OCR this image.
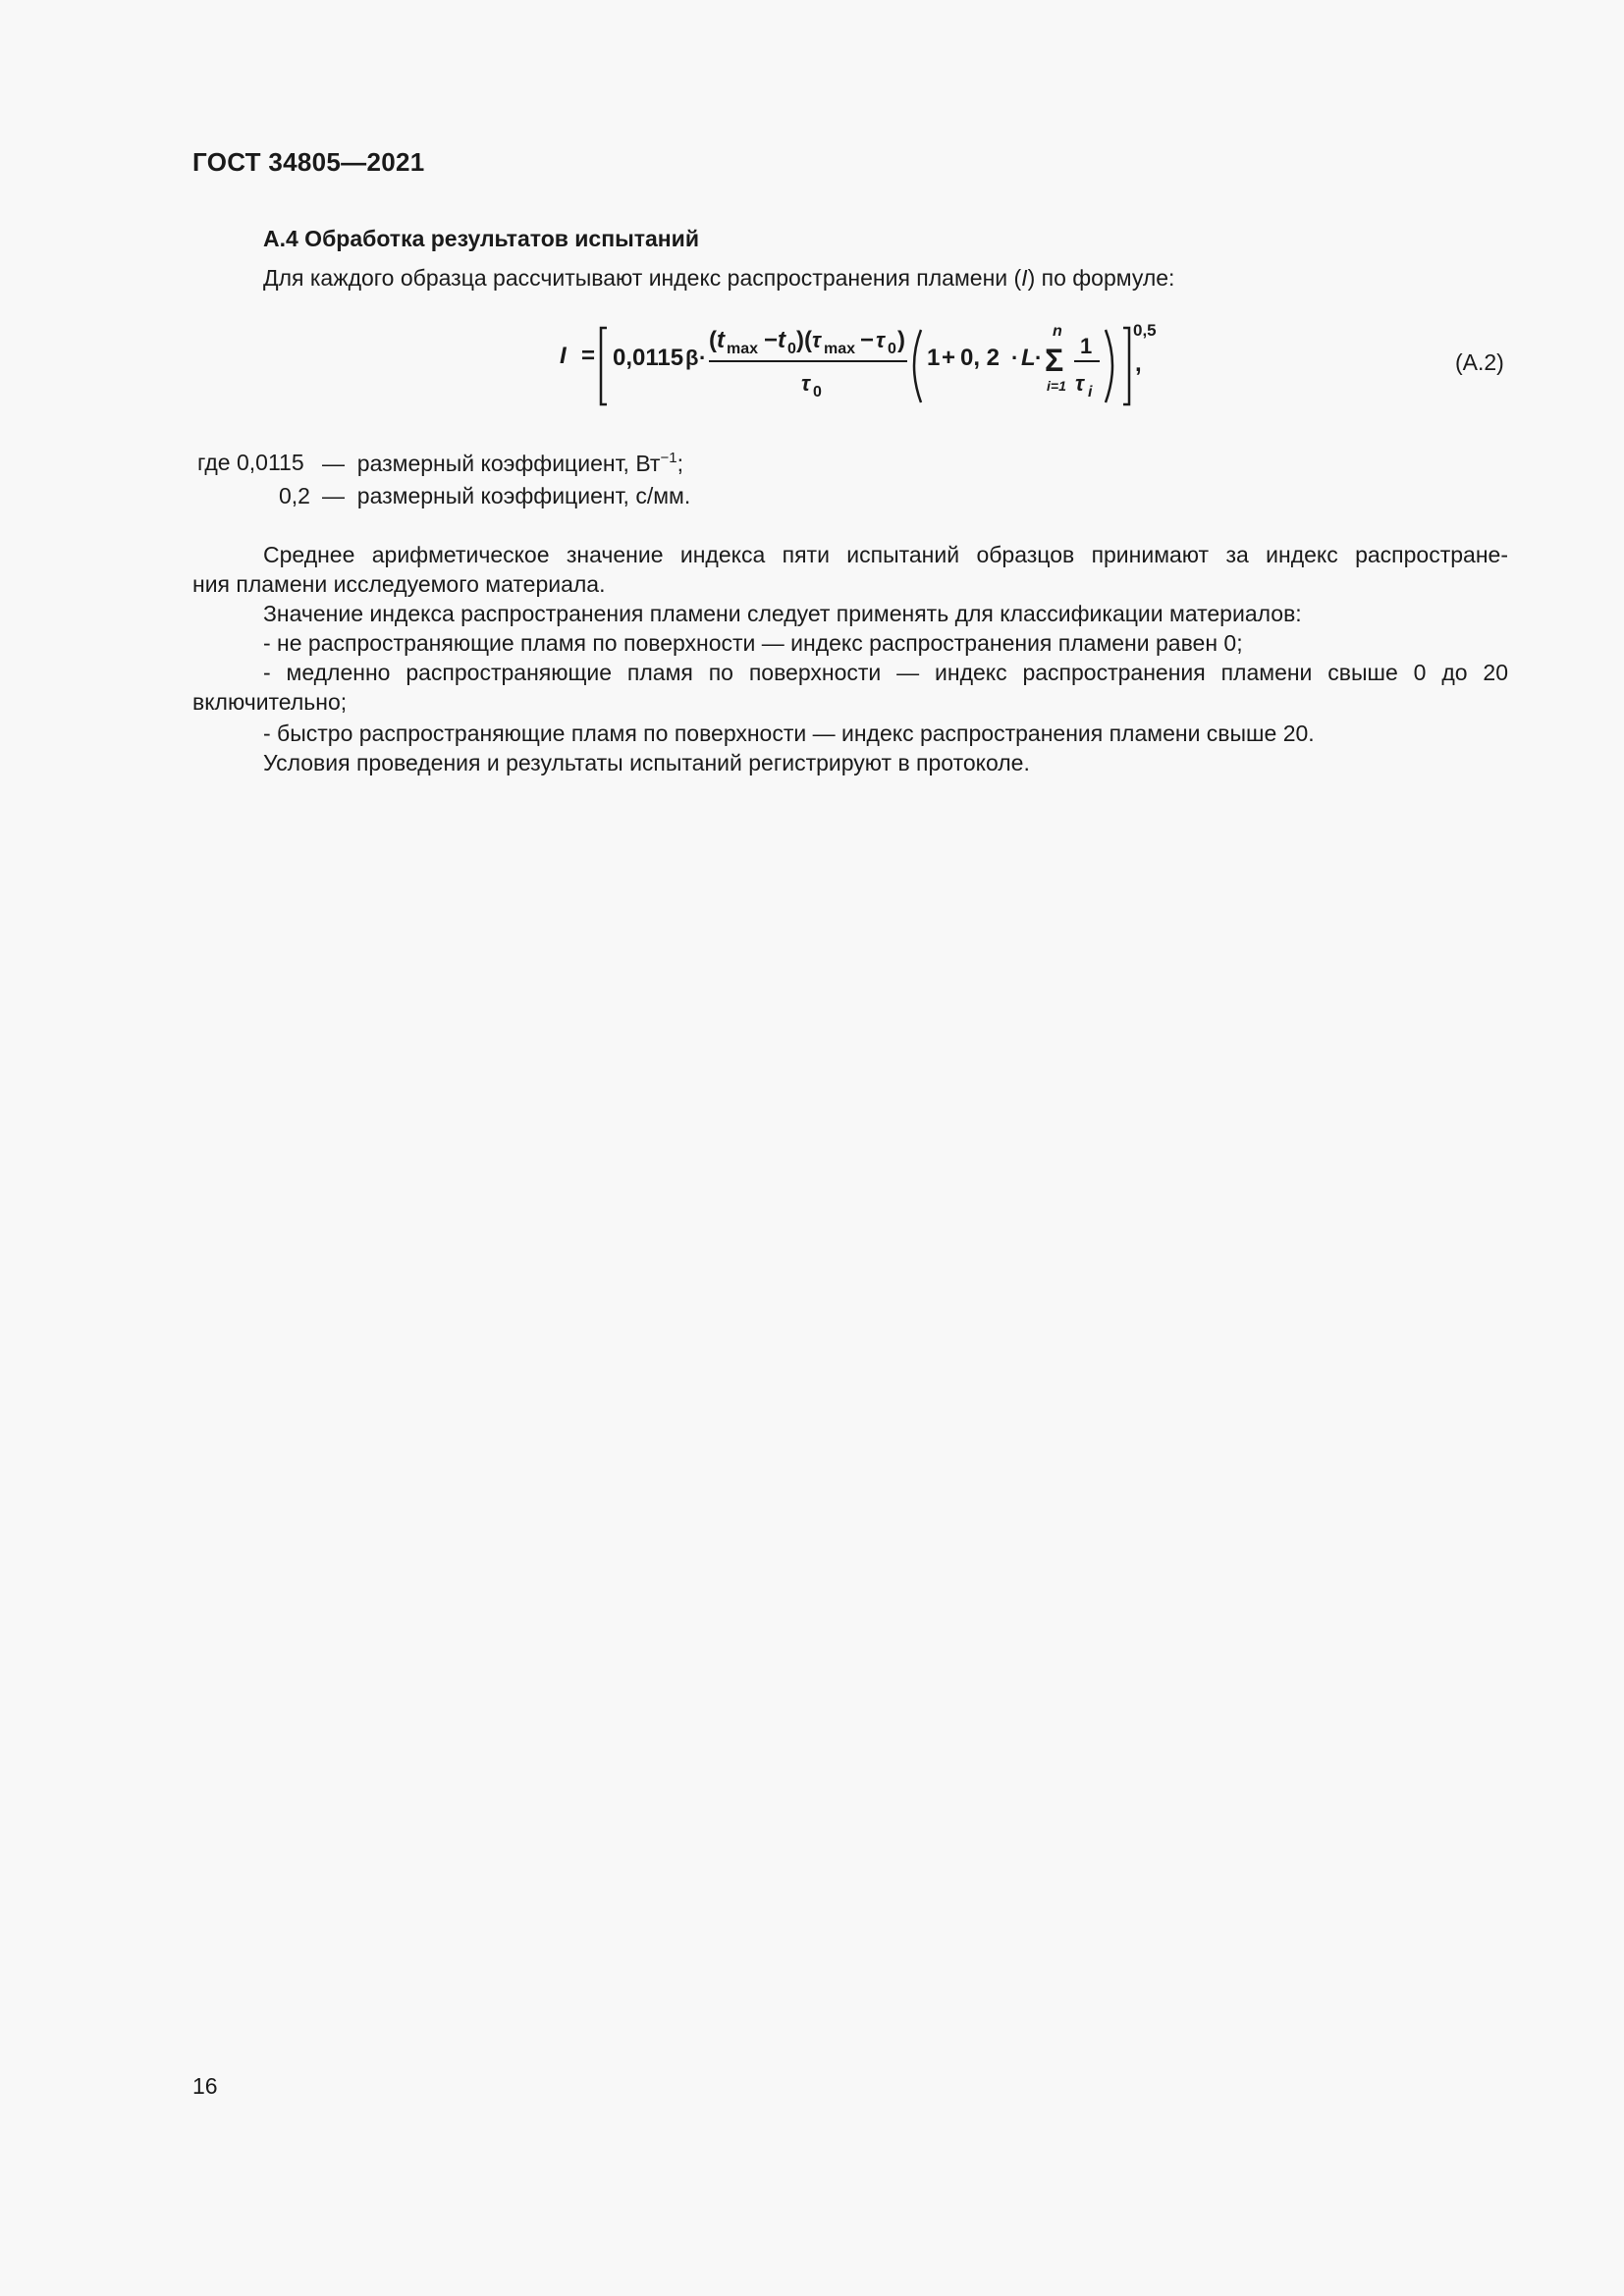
ГОСТ 34805—2021
А.4 Обработка результатов испытаний
Для каждого образца рассчитывают индекс распространения пламени (I) по формуле:
I = 0,0115 β ·
( t max − t 0 ) ( τ max − τ 0 )
τ 0
1 + 0, 2 · L · Σ
n
i=1
1
τ i
0,5
,	(А.2)
где 0,0115 — размерный коэффициент, $Вт^{-1}$;
0,2 — размерный коэффициент, с/мм.
Среднее арифметическое значение индекса пяти испытаний образцов принимают за индекс распростране-
ния пламени исследуемого материала.
Значение индекса распространения пламени следует применять для классификации материалов:
- не распространяющие пламя по поверхности — индекс распространения пламени равен 0;
- медленно распространяющие пламя по поверхности — индекс распространения пламени свыше 0 до 20
включительно;
- быстро распространяющие пламя по поверхности — индекс распространения пламени свыше 20.
Условия проведения и результаты испытаний регистрируют в протоколе.
16
